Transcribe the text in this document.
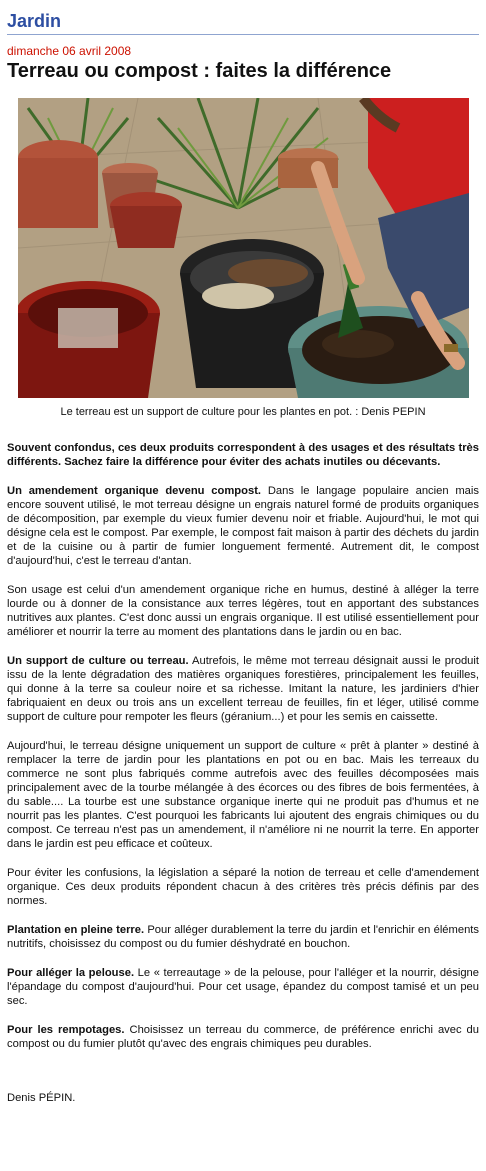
Jardin
dimanche 06 avril 2008
Terreau ou compost : faites la différence
Le terreau est un support de culture pour les plantes en pot. : Denis PEPIN

Souvent confondus, ces deux produits correspondent à des usages et des résultats très différents. Sachez faire la différence pour éviter des achats inutiles ou décevants.

Un amendement organique devenu compost. Dans le langage populaire ancien mais encore souvent utilisé, le mot terreau désigne un engrais naturel formé de produits organiques de décomposition, par exemple du vieux fumier devenu noir et friable. Aujourd'hui, le mot qui désigne cela est le compost. Par exemple, le compost fait maison à partir des déchets du jardin et de la cuisine ou à partir de fumier longuement fermenté. Autrement dit, le compost d'aujourd'hui, c'est le terreau d'antan.

Son usage est celui d'un amendement organique riche en humus, destiné à alléger la terre lourde ou à donner de la consistance aux terres légères, tout en apportant des substances nutritives aux plantes. C'est donc aussi un engrais organique. Il est utilisé essentiellement pour améliorer et nourrir la terre au moment des plantations dans le jardin ou en bac.

Un support de culture ou terreau. Autrefois, le même mot terreau désignait aussi le produit issu de la lente dégradation des matières organiques forestières, principalement les feuilles, qui donne à la terre sa couleur noire et sa richesse. Imitant la nature, les jardiniers d'hier fabriquaient en deux ou trois ans un excellent terreau de feuilles, fin et léger, utilisé comme support de culture pour rempoter les fleurs (géranium...) et pour les semis en caissette.

Aujourd'hui, le terreau désigne uniquement un support de culture « prêt à planter » destiné à remplacer la terre de jardin pour les plantations en pot ou en bac. Mais les terreaux du commerce ne sont plus fabriqués comme autrefois avec des feuilles décomposées mais principalement avec de la tourbe mélangée à des écorces ou des fibres de bois fermentées, à du sable.... La tourbe est une substance organique inerte qui ne produit pas d'humus et ne nourrit pas les plantes. C'est pourquoi les fabricants lui ajoutent des engrais chimiques ou du compost. Ce terreau n'est pas un amendement, il n'améliore ni ne nourrit la terre. En apporter dans le jardin est peu efficace et coûteux.

Pour éviter les confusions, la législation a séparé la notion de terreau et celle d'amendement organique. Ces deux produits répondent chacun à des critères très précis définis par des normes.

Plantation en pleine terre. Pour alléger durablement la terre du jardin et l'enrichir en éléments nutritifs, choisissez du compost ou du fumier déshydraté en bouchon.

Pour alléger la pelouse. Le « terreautage » de la pelouse, pour l'alléger et la nourrir, désigne l'épandage du compost d'aujourd'hui. Pour cet usage, épandez du compost tamisé et un peu sec.

Pour les rempotages. Choisissez un terreau du commerce, de préférence enrichi avec du compost ou du fumier plutôt qu'avec des engrais chimiques peu durables.

Denis PÉPIN.
